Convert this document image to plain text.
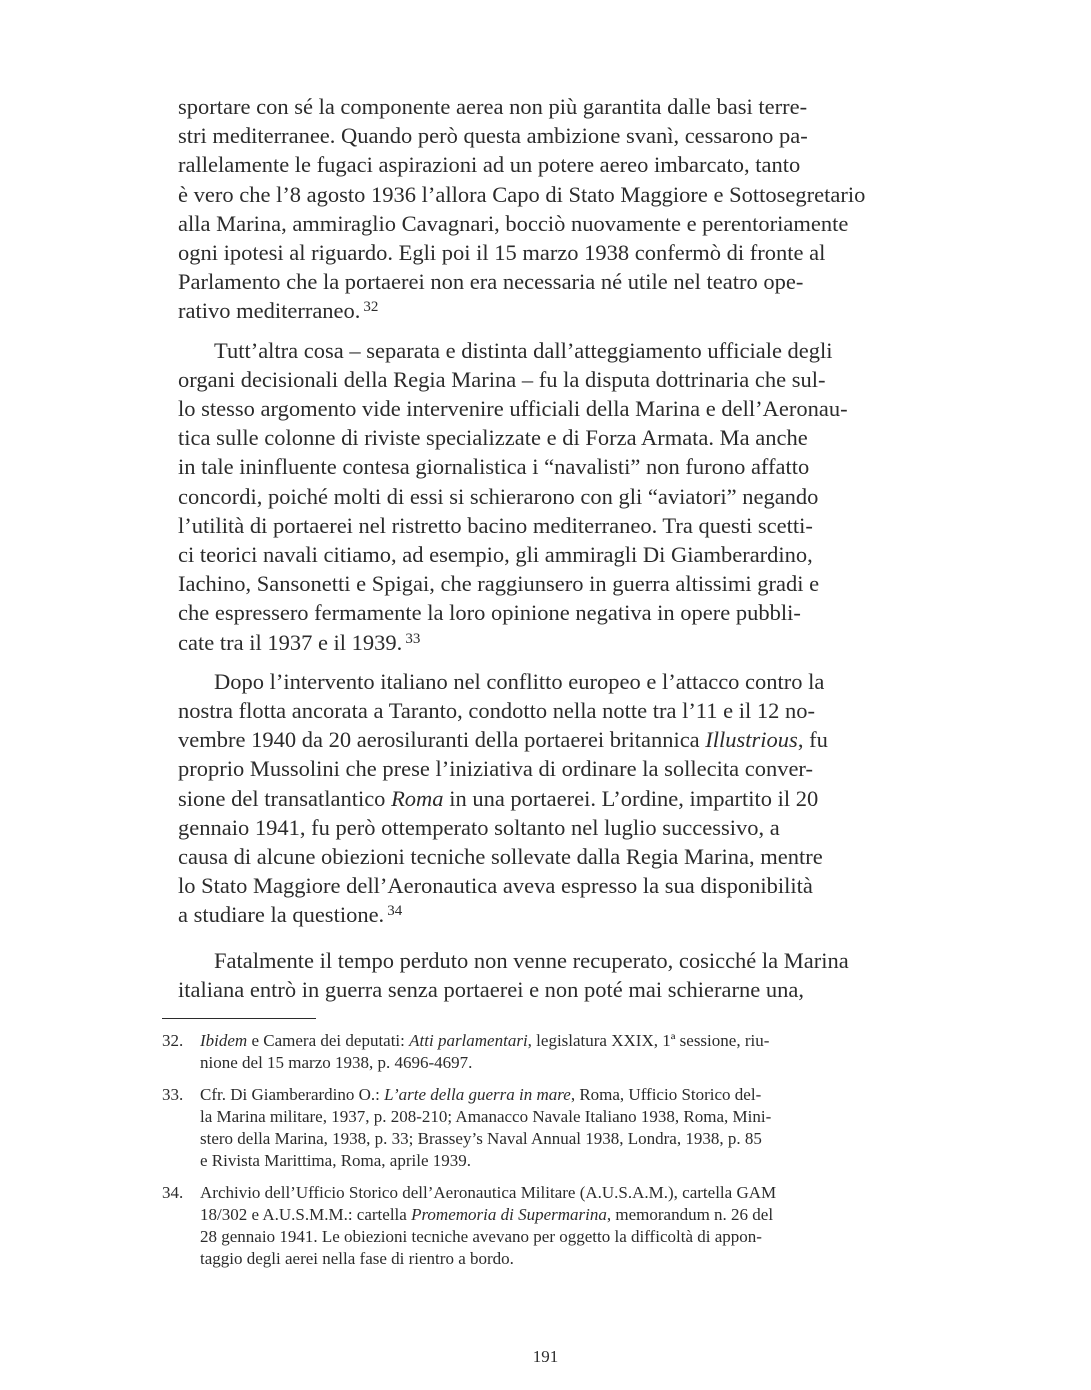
sportare con sé la componente aerea non più garantita dalle basi terre-
stri mediterranee. Quando però questa ambizione svanì, cessarono pa-
rallelamente le fugaci aspirazioni ad un potere aereo imbarcato, tanto
è vero che l’8 agosto 1936 l’allora Capo di Stato Maggiore e Sottosegretario
alla Marina, ammiraglio Cavagnari, bocciò nuovamente e perentoriamente
ogni ipotesi al riguardo. Egli poi il 15 marzo 1938 confermò di fronte al
Parlamento che la portaerei non era necessaria né utile nel teatro ope-
rativo mediterraneo. $^{32}$

Tutt’altra cosa – separata e distinta dall’atteggiamento ufficiale degli
organi decisionali della Regia Marina – fu la disputa dottrinaria che sul-
lo stesso argomento vide intervenire ufficiali della Marina e dell’Aeronau-
tica sulle colonne di riviste specializzate e di Forza Armata. Ma anche
in tale ininfluente contesa giornalistica i “navalisti” non furono affatto
concordi, poiché molti di essi si schierarono con gli “aviatori” negando
l’utilità di portaerei nel ristretto bacino mediterraneo. Tra questi scetti-
ci teorici navali citiamo, ad esempio, gli ammiragli Di Giamberardino,
Iachino, Sansonetti e Spigai, che raggiunsero in guerra altissimi gradi e
che espressero fermamente la loro opinione negativa in opere pubbli-
cate tra il 1937 e il 1939. $^{33}$

Dopo l’intervento italiano nel conflitto europeo e l’attacco contro la
nostra flotta ancorata a Taranto, condotto nella notte tra l’11 e il 12 no-
vembre 1940 da 20 aerosiluranti della portaerei britannica Illustrious, fu
proprio Mussolini che prese l’iniziativa di ordinare la sollecita conver-
sione del transatlantico Roma in una portaerei. L’ordine, impartito il 20
gennaio 1941, fu però ottemperato soltanto nel luglio successivo, a
causa di alcune obiezioni tecniche sollevate dalla Regia Marina, mentre
lo Stato Maggiore dell’Aeronautica aveva espresso la sua disponibilità
a studiare la questione. $^{34}$

Fatalmente il tempo perduto non venne recuperato, cosicché la Marina
italiana entrò in guerra senza portaerei e non poté mai schierarne una,

32. Ibidem e Camera dei deputati: Atti parlamentari, legislatura XXIX, 1ª sessione, riu-
nione del 15 marzo 1938, p. 4696-4697.
33. Cfr. Di Giamberardino O.: L’arte della guerra in mare, Roma, Ufficio Storico del-
la Marina militare, 1937, p. 208-210; Amanacco Navale Italiano 1938, Roma, Mini-
stero della Marina, 1938, p. 33; Brassey’s Naval Annual 1938, Londra, 1938, p. 85
e Rivista Marittima, Roma, aprile 1939.
34. Archivio dell’Ufficio Storico dell’Aeronautica Militare (A.U.S.A.M.), cartella GAM
18/302 e A.U.S.M.M.: cartella Promemoria di Supermarina, memorandum n. 26 del
28 gennaio 1941. Le obiezioni tecniche avevano per oggetto la difficoltà di appon-
taggio degli aerei nella fase di rientro a bordo.
191
